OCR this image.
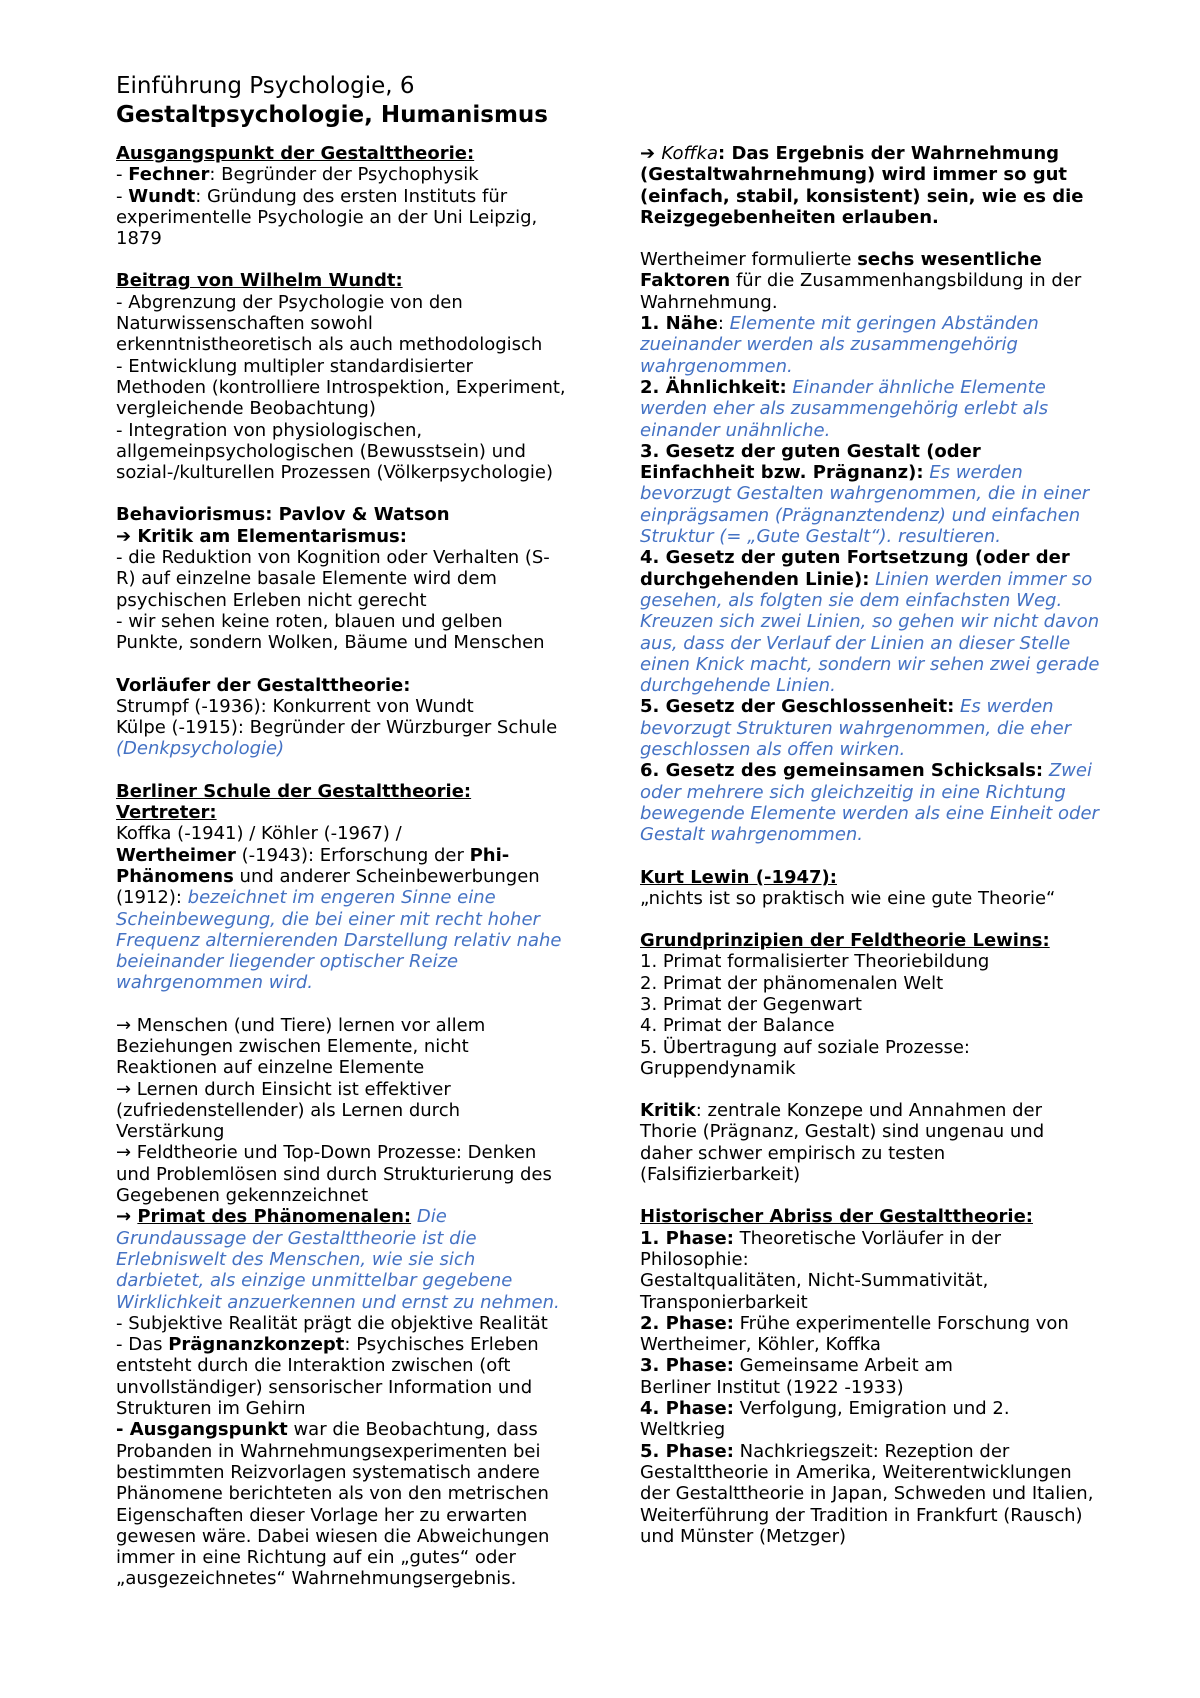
Einführung Psychologie, 6

Gestaltpsychologie, Humanismus

Ausgangspunkt der Gestalttheorie:

- Fechner: Begründer der Psychophysik

- Wundt: Gründung des ersten Instituts für experimentelle Psychologie an der Uni Leipzig, 1879

Beitrag von Wilhelm Wundt:

- Abgrenzung der Psychologie von den Naturwissenschaften sowohl erkenntnistheoretisch als auch methodologisch

- Entwicklung multipler standardisierter Methoden (kontrolliere Introspektion, Experiment, vergleichende Beobachtung)

- Integration von physiologischen, allgemeinpsychologischen (Bewusstsein) und sozial-/kulturellen Prozessen (Völkerpsychologie)

Behaviorismus: Pavlov & Watson

➔ Kritik am Elementarismus:

- die Reduktion von Kognition oder Verhalten (S-R) auf einzelne basale Elemente wird dem psychischen Erleben nicht gerecht

- wir sehen keine roten, blauen und gelben Punkte, sondern Wolken, Bäume und Menschen

Vorläufer der Gestalttheorie:

Strumpf (-1936): Konkurrent von Wundt

Külpe (-1915): Begründer der Würzburger Schule

(Denkpsychologie)

Berliner Schule der Gestalttheorie:

Vertreter:

Koffka (-1941) / Köhler (-1967) /

Wertheimer (-1943): Erforschung der Phi-Phänomens und anderer Scheinbewerbungen (1912): bezeichnet im engeren Sinne eine Scheinbewegung, die bei einer mit recht hoher Frequenz alternierenden Darstellung relativ nahe beieinander liegender optischer Reize wahrgenommen wird.

→ Menschen (und Tiere) lernen vor allem Beziehungen zwischen Elemente, nicht Reaktionen auf einzelne Elemente

→ Lernen durch Einsicht ist effektiver (zufriedenstellender) als Lernen durch Verstärkung

→ Feldtheorie und Top-Down Prozesse: Denken und Problemlösen sind durch Strukturierung des Gegebenen gekennzeichnet

→ Primat des Phänomenalen: Die Grundaussage der Gestalttheorie ist die Erlebniswelt des Menschen, wie sie sich darbietet, als einzige unmittelbar gegebene Wirklichkeit anzuerkennen und ernst zu nehmen.

- Subjektive Realität prägt die objektive Realität

- Das Prägnanzkonzept: Psychisches Erleben entsteht durch die Interaktion zwischen (oft unvollständiger) sensorischer Information und Strukturen im Gehirn

- Ausgangspunkt war die Beobachtung, dass Probanden in Wahrnehmungsexperimenten bei bestimmten Reizvorlagen systematisch andere Phänomene berichteten als von den metrischen Eigenschaften dieser Vorlage her zu erwarten gewesen wäre. Dabei wiesen die Abweichungen immer in eine Richtung auf ein „gutes“ oder „ausgezeichnetes“ Wahrnehmungsergebnis.

➔ Koffka: Das Ergebnis der Wahrnehmung (Gestaltwahrnehmung) wird immer so gut (einfach, stabil, konsistent) sein, wie es die Reizgegebenheiten erlauben.

Wertheimer formulierte sechs wesentliche Faktoren für die Zusammenhangsbildung in der Wahrnehmung.

1. Nähe: Elemente mit geringen Abständen zueinander werden als zusammengehörig wahrgenommen.

2. Ähnlichkeit: Einander ähnliche Elemente werden eher als zusammengehörig erlebt als einander unähnliche.

3. Gesetz der guten Gestalt (oder Einfachheit bzw. Prägnanz): Es werden bevorzugt Gestalten wahrgenommen, die in einer einprägsamen (Prägnanztendenz) und einfachen Struktur (= „Gute Gestalt“). resultieren.

4. Gesetz der guten Fortsetzung (oder der durchgehenden Linie): Linien werden immer so gesehen, als folgten sie dem einfachsten Weg. Kreuzen sich zwei Linien, so gehen wir nicht davon aus, dass der Verlauf der Linien an dieser Stelle einen Knick macht, sondern wir sehen zwei gerade durchgehende Linien.

5. Gesetz der Geschlossenheit: Es werden bevorzugt Strukturen wahrgenommen, die eher geschlossen als offen wirken.

6. Gesetz des gemeinsamen Schicksals: Zwei oder mehrere sich gleichzeitig in eine Richtung bewegende Elemente werden als eine Einheit oder Gestalt wahrgenommen.

Kurt Lewin (-1947):

„nichts ist so praktisch wie eine gute Theorie“

Grundprinzipien der Feldtheorie Lewins:

1. Primat formalisierter Theoriebildung

2. Primat der phänomenalen Welt

3. Primat der Gegenwart

4. Primat der Balance

5. Übertragung auf soziale Prozesse: Gruppendynamik

Kritik: zentrale Konzepe und Annahmen der Thorie (Prägnanz, Gestalt) sind ungenau und daher schwer empirisch zu testen (Falsifizierbarkeit)

Historischer Abriss der Gestalttheorie:

1. Phase: Theoretische Vorläufer in der Philosophie:

Gestaltqualitäten, Nicht-Summativität, Transponierbarkeit

2. Phase: Frühe experimentelle Forschung von Wertheimer, Köhler, Koffka

3. Phase: Gemeinsame Arbeit am

Berliner Institut (1922 -1933)

4. Phase: Verfolgung, Emigration und 2. Weltkrieg

5. Phase: Nachkriegszeit: Rezeption der Gestalttheorie in Amerika, Weiterentwicklungen der Gestalttheorie in Japan, Schweden und Italien, Weiterführung der Tradition in Frankfurt (Rausch) und Münster (Metzger)
